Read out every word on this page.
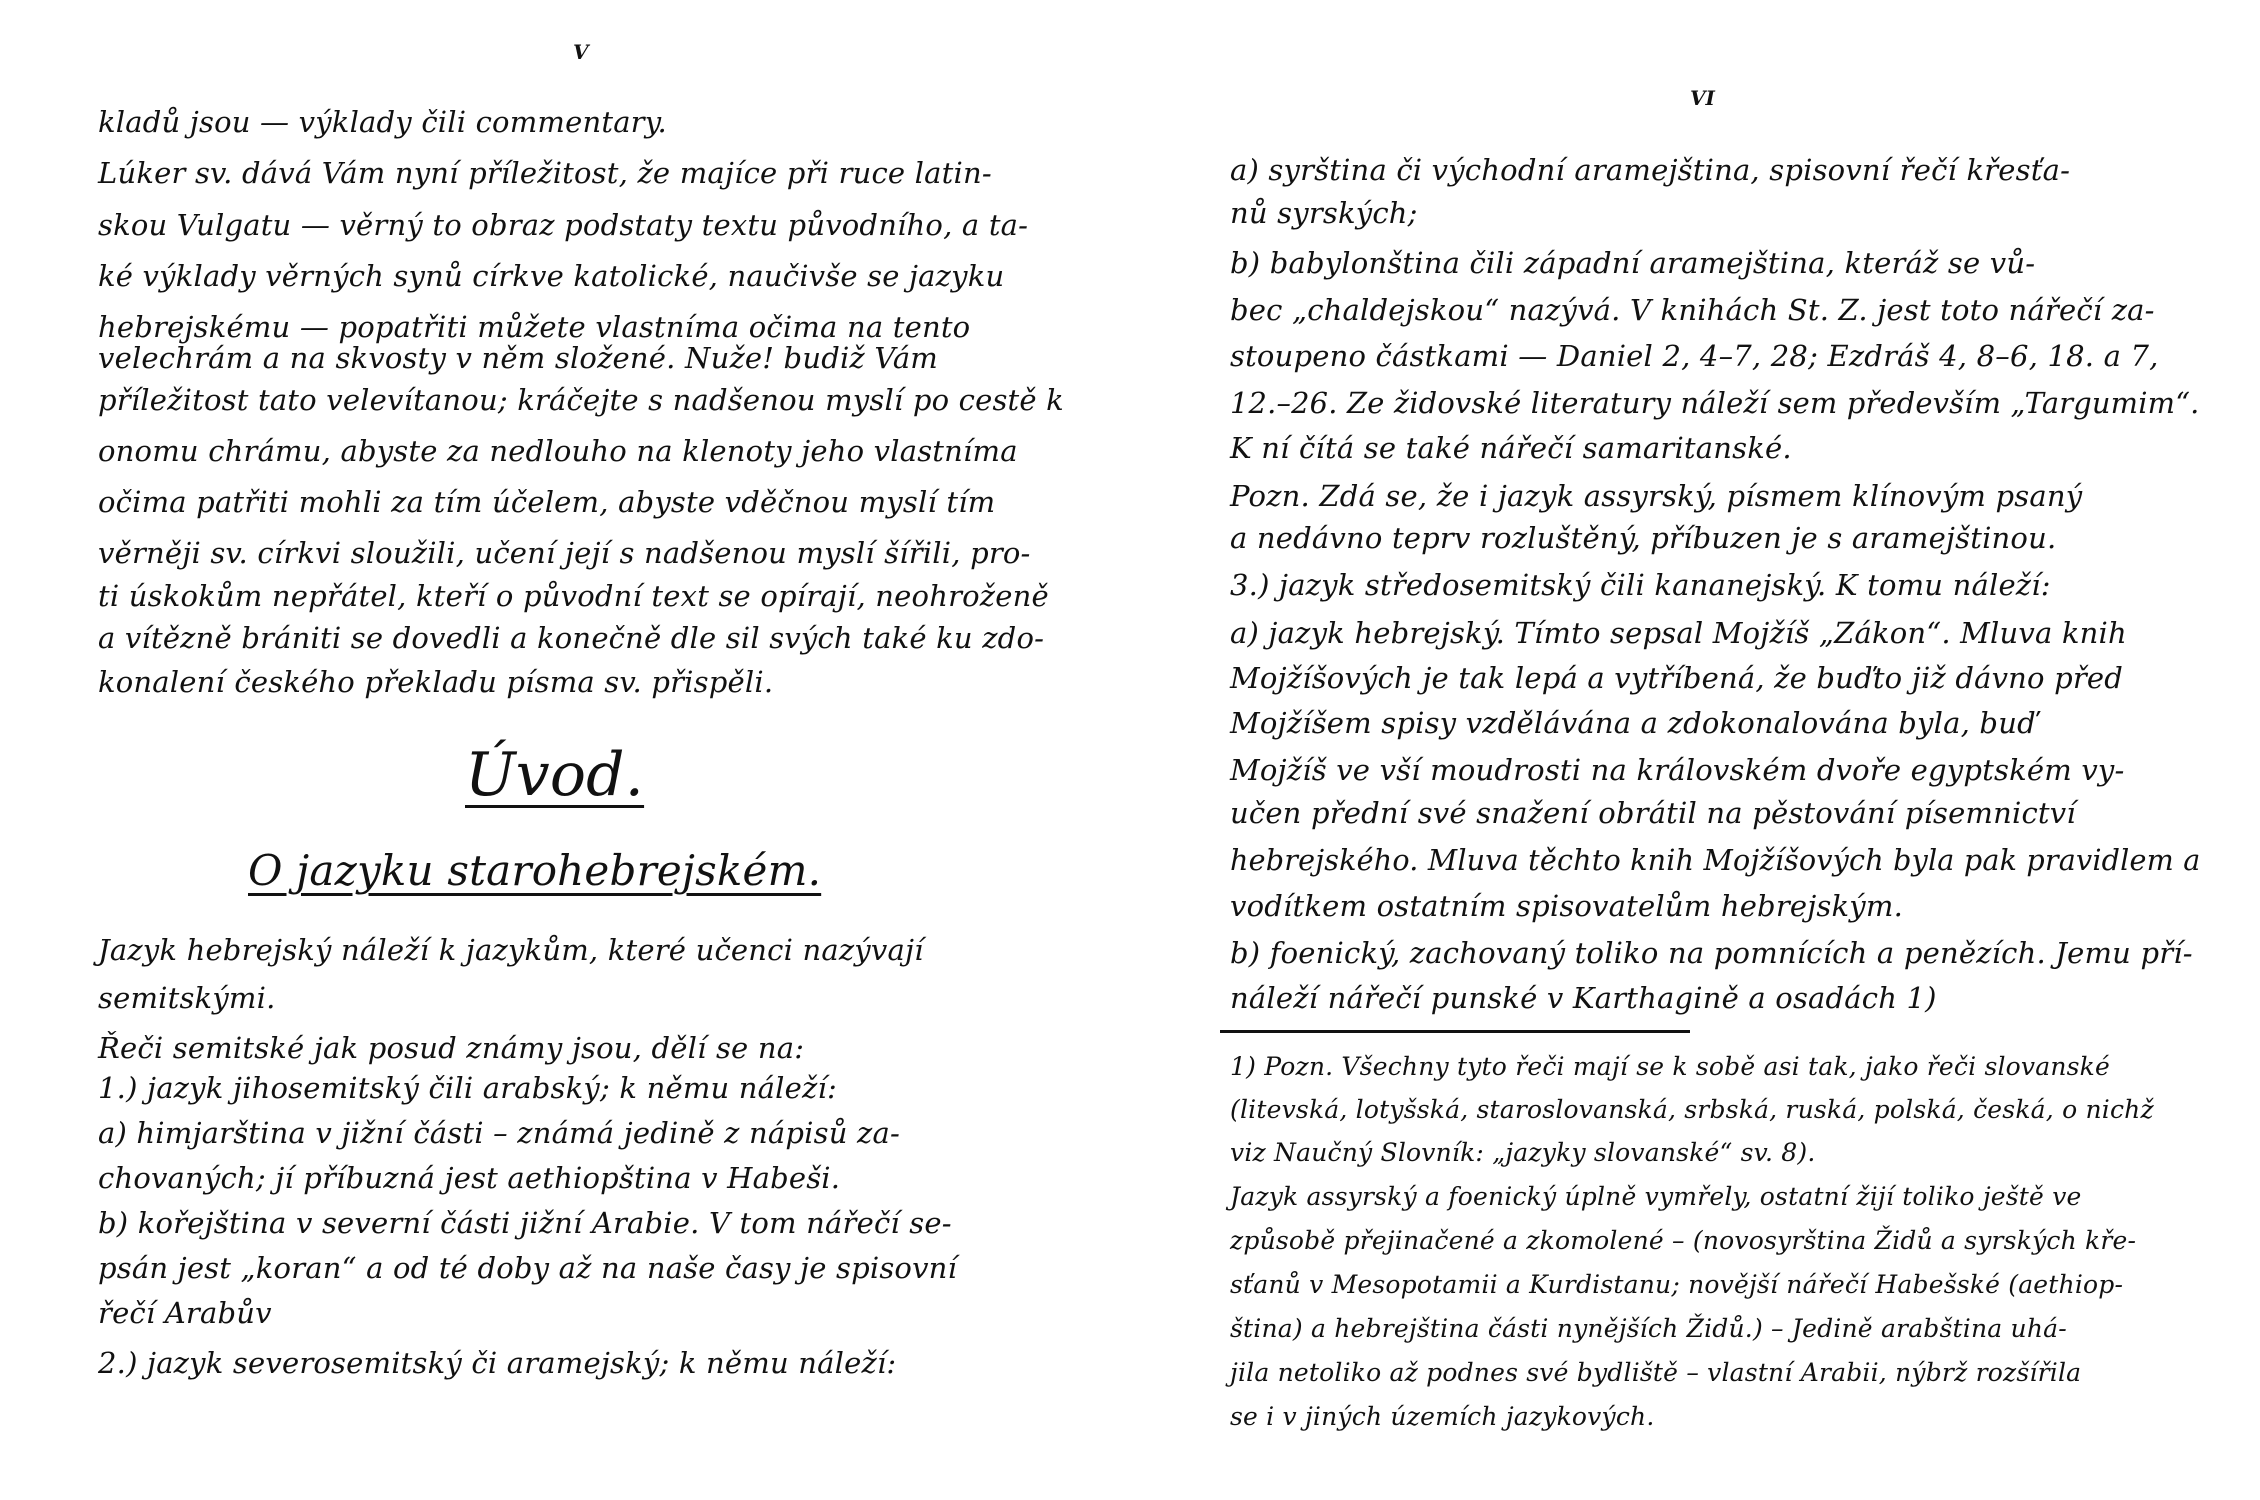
V
kladů jsou — výklady čili commentary.
Lúker sv. dává Vám nyní příležitost, že majíce při ruce latin-
skou Vulgatu — věrný to obraz podstaty textu původního, a ta-
ké výklady věrných synů církve katolické, naučivše se jazyku
hebrejskému — popatřiti můžete vlastníma očima na tento
velechrám a na skvosty v něm složené. Nuže! budiž Vám
příležitost tato velevítanou; kráčejte s nadšenou myslí po cestě k
onomu chrámu, abyste za nedlouho na klenoty jeho vlastníma
očima patřiti mohli za tím účelem, abyste vděčnou myslí tím
věrněji sv. církvi sloužili, učení její s nadšenou myslí šířili, pro-
ti úskokům nepřátel, kteří o původní text se opírají, neohroženě
a vítězně brániti se dovedli a konečně dle sil svých také ku zdo-
konalení českého překladu písma sv. přispěli.
Úvod.
O jazyku starohebrejském.
Jazyk hebrejský náleží k jazykům, které učenci nazývají
semitskými.
Řeči semitské jak posud známy jsou, dělí se na:
1.) jazyk jihosemitský čili arabský; k němu náleží:
a) himjarština v jižní části – známá jedině z nápisů za-
chovaných; jí příbuzná jest aethiopština v Habeši.
b) kořejština v severní části jižní Arabie. V tom nářečí se-
psán jest „koran“ a od té doby až na naše časy je spisovní
řečí Arabův
2.) jazyk severosemitský či aramejský; k němu náleží:
VI
a) syrština či východní aramejština, spisovní řečí křesťa-
nů syrských;
b) babylonština čili západní aramejština, kteráž se vů-
bec „chaldejskou“ nazývá. V knihách St. Z. jest toto nářečí za-
stoupeno částkami — Daniel 2, 4–7, 28; Ezdráš 4, 8–6, 18. a 7,
12.–26. Ze židovské literatury náleží sem především „Targumim“.
K ní čítá se také nářečí samaritanské.
Pozn. Zdá se, že i jazyk assyrský, písmem klínovým psaný
a nedávno teprv rozluštěný, příbuzen je s aramejštinou.
3.) jazyk středosemitský čili kananejský. K tomu náleží:
a) jazyk hebrejský. Tímto sepsal Mojžíš „Zákon“. Mluva knih
Mojžíšových je tak lepá a vytříbená, že buďto již dávno před
Mojžíšem spisy vzdělávána a zdokonalována byla, buď
Mojžíš ve vší moudrosti na královském dvoře egyptském vy-
učen přední své snažení obrátil na pěstování písemnictví
hebrejského. Mluva těchto knih Mojžíšových byla pak pravidlem a
vodítkem ostatním spisovatelům hebrejským.
b) foenický, zachovaný toliko na pomnících a penězích. Jemu pří-
náleží nářečí punské v Karthagině a osadách 1)
1) Pozn. Všechny tyto řeči mají se k sobě asi tak, jako řeči slovanské
(litevská, lotyšská, staroslovanská, srbská, ruská, polská, česká, o nichž
viz Naučný Slovník: „jazyky slovanské“ sv. 8).
Jazyk assyrský a foenický úplně vymřely, ostatní žijí toliko ještě ve
způsobě přejinačené a zkomolené – (novosyrština Židů a syrských kře-
sťanů v Mesopotamii a Kurdistanu; novější nářečí Habešské (aethiop-
ština) a hebrejština části nynějších Židů.) – Jedině arabština uhá-
jila netoliko až podnes své bydliště – vlastní Arabii, nýbrž rozšířila
se i v jiných územích jazykových.
